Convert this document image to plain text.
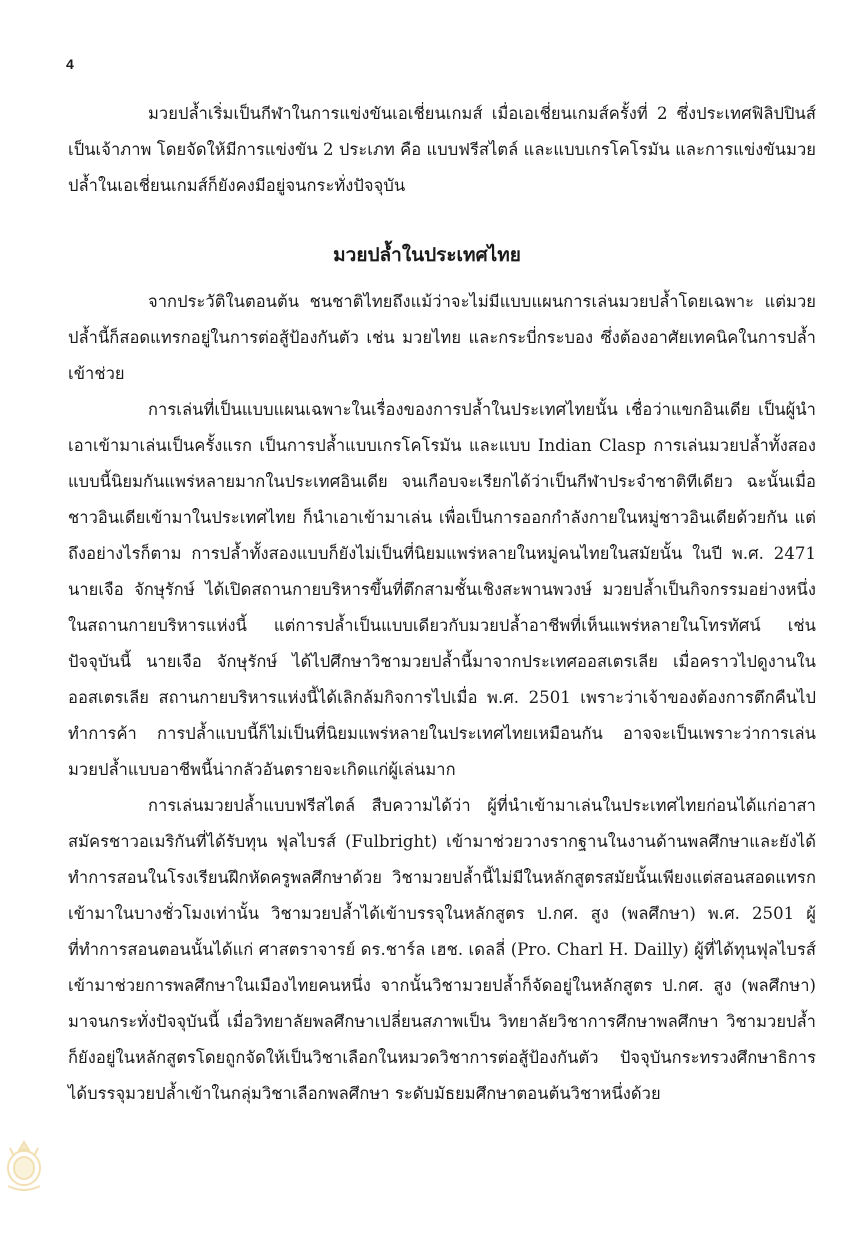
4

มวยปล้ำเริ่มเป็นกีฬาในการแข่งขันเอเชี่ยนเกมส์ เมื่อเอเชี่ยนเกมส์ครั้งที่ 2 ซึ่งประเทศฟิลิปปินส์เป็นเจ้าภาพ โดยจัดให้มีการแข่งขัน 2 ประเภท คือ แบบฟรีสไตล์ และแบบเกรโคโรมัน และการแข่งขันมวยปล้ำในเอเชี่ยนเกมส์ก็ยังคงมีอยู่จนกระทั่งปัจจุบัน

มวยปล้ำในประเทศไทย

จากประวัติในตอนต้น ชนชาติไทยถึงแม้ว่าจะไม่มีแบบแผนการเล่นมวยปล้ำโดยเฉพาะ แต่มวยปล้ำนี้ก็สอดแทรกอยู่ในการต่อสู้ป้องกันตัว เช่น มวยไทย และกระบี่กระบอง ซึ่งต้องอาศัยเทคนิคในการปล้ำเข้าช่วย

การเล่นที่เป็นแบบแผนเฉพาะในเรื่องของการปล้ำในประเทศไทยนั้น เชื่อว่าแขกอินเดีย เป็นผู้นำเอาเข้ามาเล่นเป็นครั้งแรก เป็นการปล้ำแบบเกรโคโรมัน และแบบ Indian Clasp การเล่นมวยปล้ำทั้งสองแบบนี้นิยมกันแพร่หลายมากในประเทศอินเดีย จนเกือบจะเรียกได้ว่าเป็นกีฬาประจำชาติทีเดียว ฉะนั้นเมื่อชาวอินเดียเข้ามาในประเทศไทย ก็นำเอาเข้ามาเล่น เพื่อเป็นการออกกำลังกายในหมู่ชาวอินเดียด้วยกัน แต่ถึงอย่างไรก็ตาม การปล้ำทั้งสองแบบก็ยังไม่เป็นที่นิยมแพร่หลายในหมู่คนไทยในสมัยนั้น ในปี พ.ศ. 2471 นายเจือ จักษุรักษ์ ได้เปิดสถานกายบริหารขึ้นที่ตึกสามชั้นเชิงสะพานพวงษ์ มวยปล้ำเป็นกิจกรรมอย่างหนึ่งในสถานกายบริหารแห่งนี้ แต่การปล้ำเป็นแบบเดียวกับมวยปล้ำอาชีพที่เห็นแพร่หลายในโทรทัศน์ เช่นปัจจุบันนี้ นายเจือ จักษุรักษ์ ได้ไปศึกษาวิชามวยปล้ำนี้มาจากประเทศออสเตรเลีย เมื่อคราวไปดูงานในออสเตรเลีย สถานกายบริหารแห่งนี้ได้เลิกล้มกิจการไปเมื่อ พ.ศ. 2501 เพราะว่าเจ้าของต้องการตึกคืนไปทำการค้า การปล้ำแบบนี้ก็ไม่เป็นที่นิยมแพร่หลายในประเทศไทยเหมือนกัน อาจจะเป็นเพราะว่าการเล่นมวยปล้ำแบบอาชีพนี้น่ากลัวอันตรายจะเกิดแก่ผู้เล่นมาก

การเล่นมวยปล้ำแบบฟรีสไตล์ สืบความได้ว่า ผู้ที่นำเข้ามาเล่นในประเทศไทยก่อนได้แก่อาสาสมัครชาวอเมริกันที่ได้รับทุน ฟุลไบรส์ (Fulbright) เข้ามาช่วยวางรากฐานในงานด้านพลศึกษาและยังได้ทำการสอนในโรงเรียนฝึกหัดครูพลศึกษาด้วย วิชามวยปล้ำนี้ไม่มีในหลักสูตรสมัยนั้นเพียงแต่สอนสอดแทรกเข้ามาในบางชั่วโมงเท่านั้น วิชามวยปล้ำได้เข้าบรรจุในหลักสูตร ป.กศ. สูง (พลศึกษา) พ.ศ. 2501 ผู้ที่ทำการสอนตอนนั้นได้แก่ ศาสตราจารย์ ดร.ชาร์ล เฮช. เดลลี่ (Pro. Charl H. Dailly) ผู้ที่ได้ทุนฟุลไบรส์ เข้ามาช่วยการพลศึกษาในเมืองไทยคนหนึ่ง จากนั้นวิชามวยปล้ำก็จัดอยู่ในหลักสูตร ป.กศ. สูง (พลศึกษา) มาจนกระทั่งปัจจุบันนี้ เมื่อวิทยาลัยพลศึกษาเปลี่ยนสภาพเป็น วิทยาลัยวิชาการศึกษาพลศึกษา วิชามวยปล้ำก็ยังอยู่ในหลักสูตรโดยถูกจัดให้เป็นวิชาเลือกในหมวดวิชาการต่อสู้ป้องกันตัว ปัจจุบันกระทรวงศึกษาธิการได้บรรจุมวยปล้ำเข้าในกลุ่มวิชาเลือกพลศึกษา ระดับมัธยมศึกษาตอนต้นวิชาหนึ่งด้วย
